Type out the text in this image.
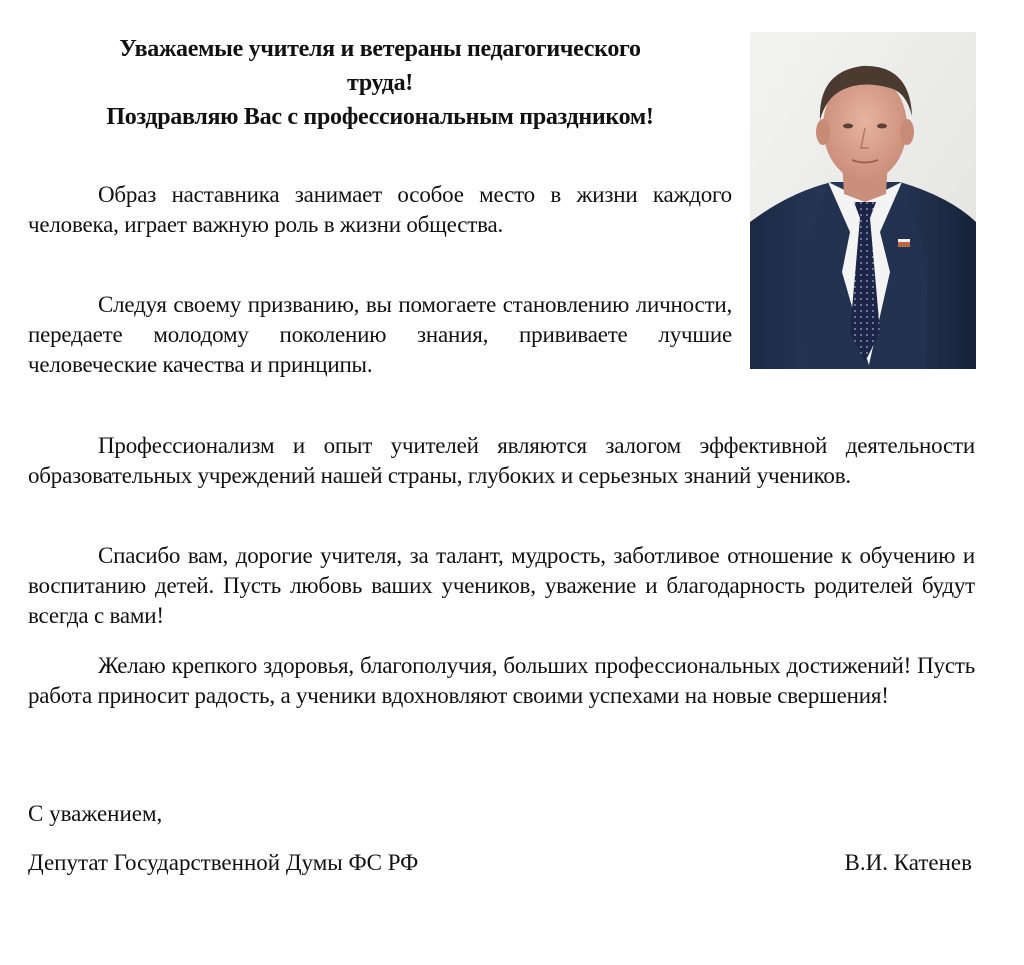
Уважаемые учителя и ветераны педагогического
труда!
Поздравляю Вас с профессиональным праздником!

Образ наставника занимает особое место в жизни каждого человека, играет важную роль в жизни общества.

Следуя своему призванию, вы помогаете становлению личности, передаете молодому поколению знания, прививаете лучшие человеческие качества и принципы.

Профессионализм и опыт учителей являются залогом эффективной деятельности образовательных учреждений нашей страны, глубоких и серьезных знаний учеников.

Спасибо вам, дорогие учителя, за талант, мудрость, заботливое отношение к обучению и воспитанию детей. Пусть любовь ваших учеников, уважение и благодарность родителей будут всегда с вами!

Желаю крепкого здоровья, благополучия, больших профессиональных достижений! Пусть работа приносит радость, а ученики вдохновляют своими успехами на новые свершения!

С уважением,
Депутат Государственной Думы ФС РФ	В.И. Катенев
